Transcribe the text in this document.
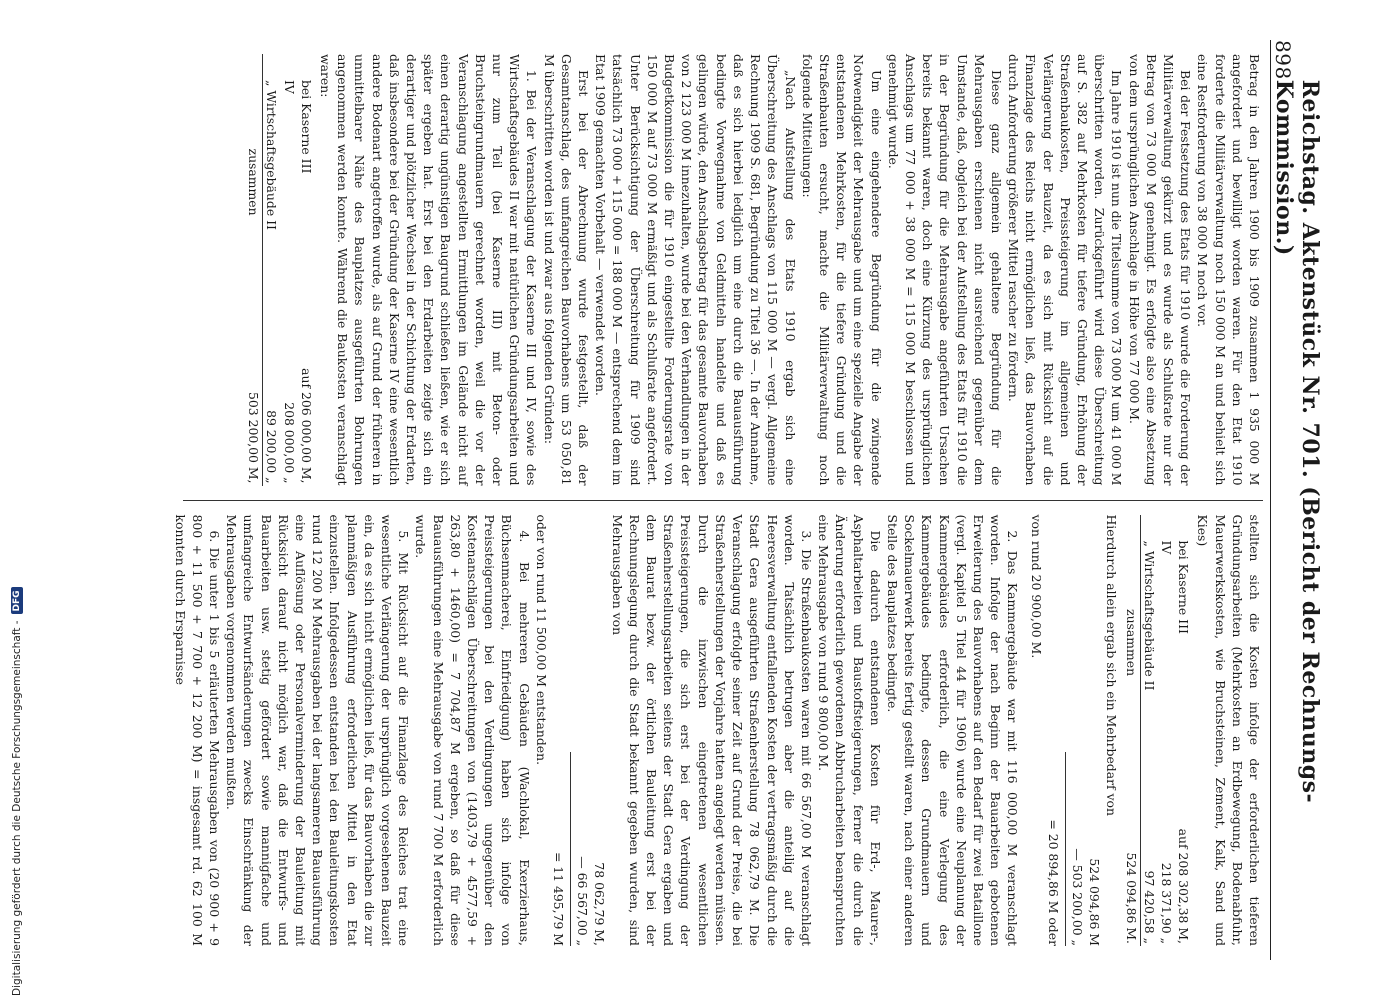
898
Reichstag. Aktenstück Nr. 701. (Bericht der Rechnungs-Kommission.)

Betrag in den Jahren 1900 bis 1909 zusammen 1 935 000 M angefordert und bewilligt worden waren. Für den Etat 1910 forderte die Militärverwaltung noch 150 000 M an und behielt sich eine Restforderung von 38 000 M noch vor.

Bei der Festsetzung des Etats für 1910 wurde die Forderung der Militärverwaltung gekürzt und es wurde als Schlußrate nur der Betrag von 73 000 M genehmigt. Es erfolgte also eine Absetzung von dem ursprünglichen Anschlage in Höhe von 77 000 M.

Im Jahre 1910 ist nun die Titelsumme von 73 000 M um 41 000 M überschritten worden. Zurückgeführt wird diese Überschreitung auf S. 382 auf Mehrkosten für tiefere Gründung, Erhöhung der Straßenbaukosten, Preissteigerung im allgemeinen und Verlängerung der Bauzeit, da es sich mit Rücksicht auf die Finanzlage des Reichs nicht ermöglichen ließ, das Bauvorhaben durch Anforderung größerer Mittel rascher zu fördern.

Diese ganz allgemein gehaltene Begründung für die Mehrausgaben erschienen nicht ausreichend gegenüber dem Umstande, daß, obgleich bei der Aufstellung des Etats für 1910 die in der Begründung für die Mehrausgabe angeführten Ursachen bereits bekannt waren, doch eine Kürzung des ursprünglichen Anschlags um 77 000 + 38 000 M = 115 000 M beschlossen und genehmigt wurde.

Um eine eingehendere Begründung für die zwingende Notwendigkeit der Mehrausgabe und um eine spezielle Angabe der entstandenen Mehrkosten, für die tiefere Gründung und die Straßenbauten ersucht, machte die Militärverwaltung noch folgende Mitteilungen:

„Nach Aufstellung des Etats 1910 ergab sich eine Überschreitung des Anschlags von 115 000 M — vergl. Allgemeine Rechnung 1909 S. 681, Begründung zu Titel 36 —. In der Annahme, daß es sich hierbei lediglich um eine durch die Bauausführung bedingte Vorwegnahme von Geldmitteln handelte und daß es gelingen würde, den Anschlagsbetrag für das gesamte Bauvorhaben von 2 123 000 M innezuhalten, wurde bei den Verhandlungen in der Budgetkommission die für 1910 eingestellte Forderungsrate von 150 000 M auf 73 000 M ermäßigt und als Schlußrate angefordert. Unter Berücksichtigung der Überschreitung für 1909 sind tatsächlich 73 000 + 115 000 = 188 000 M — entsprechend dem im Etat 1909 gemachten Vorbehalt — verwendet worden.

Erst bei der Abrechnung wurde festgestellt, daß der Gesamtanschlag, des umfangreichen Bauvorhabens um 53 050,81 M überschritten worden ist und zwar aus folgenden Gründen:

1. Bei der Veranschlagung der Kaserne III und IV, sowie des Wirtschaftsgebäudes II war mit natürlichen Gründungsarbeiten und nur zum Teil (bei Kaserne III) mit Beton- oder Bruchsteingrundmauern gerechnet worden, weil die vor der Veranschlagung angestellten Ermittlungen im Gelände nicht auf einen derartig ungünstigen Baugrund schließen ließen, wie er sich später ergeben hat. Erst bei den Erdarbeiten zeigte sich ein derartiger und plötzlicher Wechsel in der Schichtung der Erdarten, daß insbesondere bei der Gründung der Kaserne IV eine wesentlich andere Bodenart angetroffen wurde, als auf Grund der früheren in unmittelbarer Nähe des Bauplatzes ausgeführten Bohrungen angenommen werden konnte. Während die Baukosten veranschlagt waren:

bei Kaserne III	auf 206 000,00 M,
IV	208 000,00 „
„ Wirtschaftsgebäude II	89 200,00 „
zusammen	503 200,00 M,

stellten sich die Kosten infolge der erforderlichen tieferen Gründungsarbeiten (Mehrkosten an Erdbewegung, Bodenabfuhr, Mauerwerkskosten, wie Bruchsteinen, Zement, Kalk, Sand und Kies)

bei Kaserne III	auf 208 302,38 M,
IV	218 371,90 „
„ Wirtschaftsgebäude II	97 420,58 „
zusammen	524 094,86 M.

Hierdurch allein ergab sich ein Mehrbedarf von

524 094,86 M
— 503 200,00 „
= 20 894,86 M oder

von rund 20 900,00 M.

2. Das Kammergebäude war mit 116 000,00 M veranschlagt worden. Infolge der nach Beginn der Bauarbeiten gebotenen Erweiterung des Bauvorhabens auf den Bedarf für zwei Bataillone (vergl. Kapitel 5 Titel 44 für 1906) wurde eine Neuplanung der Kammergebäudes erforderlich, die eine Verlegung des Kammergebäudes bedingte, dessen Grundmauern und Sockelmauerwerk bereits fertig gestellt waren, nach einer anderen Stelle des Bauplatzes bedingte.

Die dadurch entstandenen Kosten für Erd-, Maurer-, Asphaltarbeiten und Baustoffsteigerungen, ferner die durch die Änderung erforderlich gewordenen Abbrucharbeiten beanspruchten eine Mehrausgabe von rund 9 800,00 M.

3. Die Straßenbaukosten waren mit 66 567,00 M veranschlagt worden. Tatsächlich betrugen aber die anteilig auf die Heeresverwaltung entfallenden Kosten der vertragsmäßig durch die Stadt Gera ausgeführten Straßenherstellung 78 062,79 M. Die Veranschlagung erfolgte seiner Zeit auf Grund der Preise, die bei Straßenherstellungen der Vorjahre hatten angelegt werden müssen. Durch die inzwischen eingetretenen wesentlichen Preissteigerungen, die sich erst bei der Verdingung der Straßenherstellungsarbeiten seitens der Stadt Gera ergaben und dem Baurat bezw. der örtlichen Bauleitung erst bei der Rechnungslegung durch die Stadt bekannt gegeben wurden, sind Mehrausgaben von

78 062,79 M,
— 66 567,00 „
= 11 495,79 M

oder von rund 11 500,00 M entstanden.

4. Bei mehreren Gebäuden (Wachlokal, Exerzierhaus, Büchsenmacherei, Einfriedigung) haben sich infolge von Preissteigerungen bei den Verdingungen ungegenüber den Kostenanschlägen Überschreitungen von (1403,79 + 4577,59 + 263,80 + 1460,00) = 7 704,87 M ergeben, so daß für diese Bauausführungen eine Mehrausgabe von rund 7 700 M erforderlich wurde.

5. Mit Rücksicht auf die Finanzlage des Reiches trat eine wesentliche Verlängerung der ursprünglich vorgesehenen Bauzeit ein, da es sich nicht ermöglichen ließ, für das Bauvorhaben die zur planmäßigen Ausführung erforderlichen Mittel in den Etat einzustellen. Infolgedessen entstanden bei den Bauleitungskosten rund 12 200 M Mehrausgaben bei der langsameren Bauausführung eine Auflösung oder Personalverminderung der Bauleitung mit Rücksicht darauf nicht möglich war, daß die Entwurfs- und Bauarbeiten usw. stetig gefördert sowie mannigfache und umfangreiche Entwurfsänderungen zwecks Einschränkung der Mehrausgaben vorgenommen werden mußten.

6. Die unter 1 bis 5 erläuterten Mehrausgaben von (20 900 + 9 800 + 11 500 + 7 700 + 12 200 M) = insgesamt rd. 62 100 M konnten durch Ersparnisse

Digitalisierung gefördert durch die Deutsche Forschungsgemeinschaft -
DFG
